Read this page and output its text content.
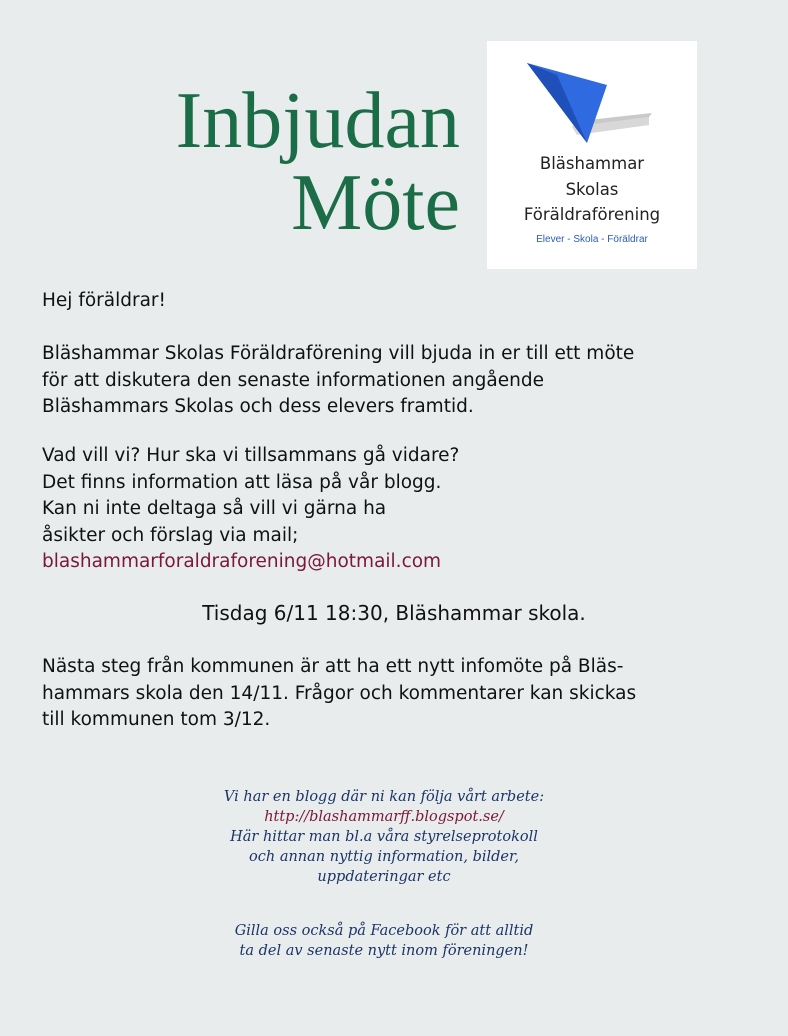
Inbjudan
Möte	Bläshammar
Skolas
Föräldraförening
Elever - Skola - Föräldrar

Hej föräldrar!

Bläshammar Skolas Föräldraförening vill bjuda in er till ett möte
för att diskutera den senaste informationen angående
Bläshammars Skolas och dess elevers framtid.

Vad vill vi? Hur ska vi tillsammans gå vidare?
Det finns information att läsa på vår blogg.
Kan ni inte deltaga så vill vi gärna ha
åsikter och förslag via mail;
blashammarforaldraforening@hotmail.com

Tisdag 6/11 18:30, Bläshammar skola.

Nästa steg från kommunen är att ha ett nytt infomöte på Bläs-
hammars skola den 14/11. Frågor och kommentarer kan skickas
till kommunen tom 3/12.

Vi har en blogg där ni kan följa vårt arbete:
http://blashammarff.blogspot.se/
Här hittar man bl.a våra styrelseprotokoll
och annan nyttig information, bilder,
uppdateringar etc
Gilla oss också på Facebook för att alltid
ta del av senaste nytt inom föreningen!
